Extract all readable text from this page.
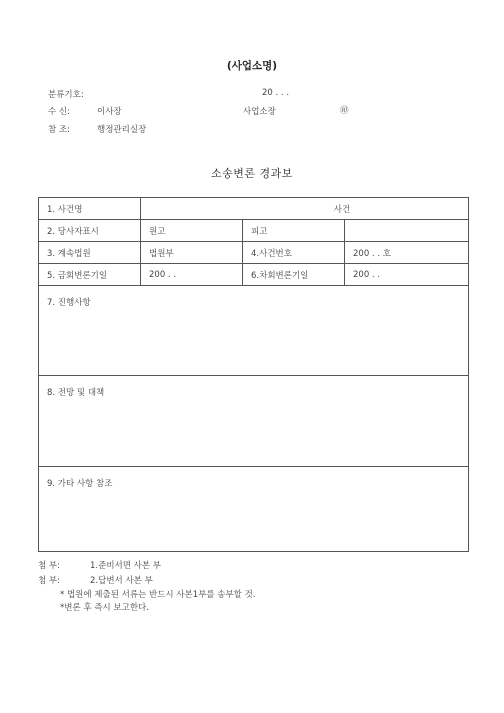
(사업소명)
분류기호:	20 . . .
수 신:	이사장	사업소장	㊞
참 조:	행정관리실장
소송변론 경과보
1. 사건명	사건		
2. 당사자표시	원고	피고	
3. 계속법원	법원부	4.사건번호	200 . . 호
5. 금회변론기일	200 . .	6.차회변론기일	200 . .
7. 진행사항			
8. 전망 및 대책			
9. 가타 사항 참조			
첨 부:	1.준비서면 사본 부
첨 부:	2.답변서 사본 부
* 법원에 제출된 서류는 반드시 사본1부를 송부할 것.
*변론 후 즉시 보고한다.
